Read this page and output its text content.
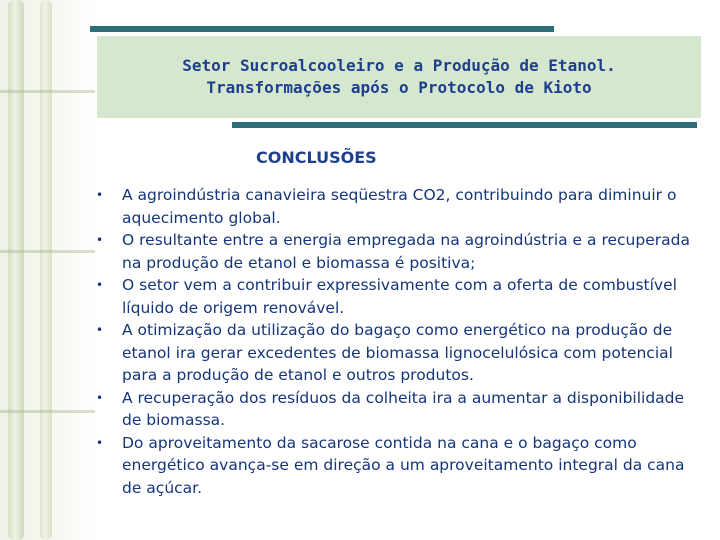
Setor Sucroalcooleiro e a Produção de Etanol.
Transformações após o Protocolo de Kioto
CONCLUSÕES
•	A agroindústria canavieira seqüestra CO2, contribuindo para diminuir o aquecimento global.
•	O resultante entre a energia empregada na agroindústria e a recuperada na produção de etanol e biomassa é positiva;
•	O setor vem a contribuir expressivamente com a oferta de combustível líquido de origem renovável.
•	A otimização da utilização do bagaço como energético na produção de etanol ira gerar excedentes de biomassa lignocelulósica com potencial para a produção de etanol e outros produtos.
•	A recuperação dos resíduos da colheita ira a aumentar a disponibilidade de biomassa.
•	Do aproveitamento da sacarose contida na cana e o bagaço como energético avança-se em direção a um aproveitamento integral da cana de açúcar.
